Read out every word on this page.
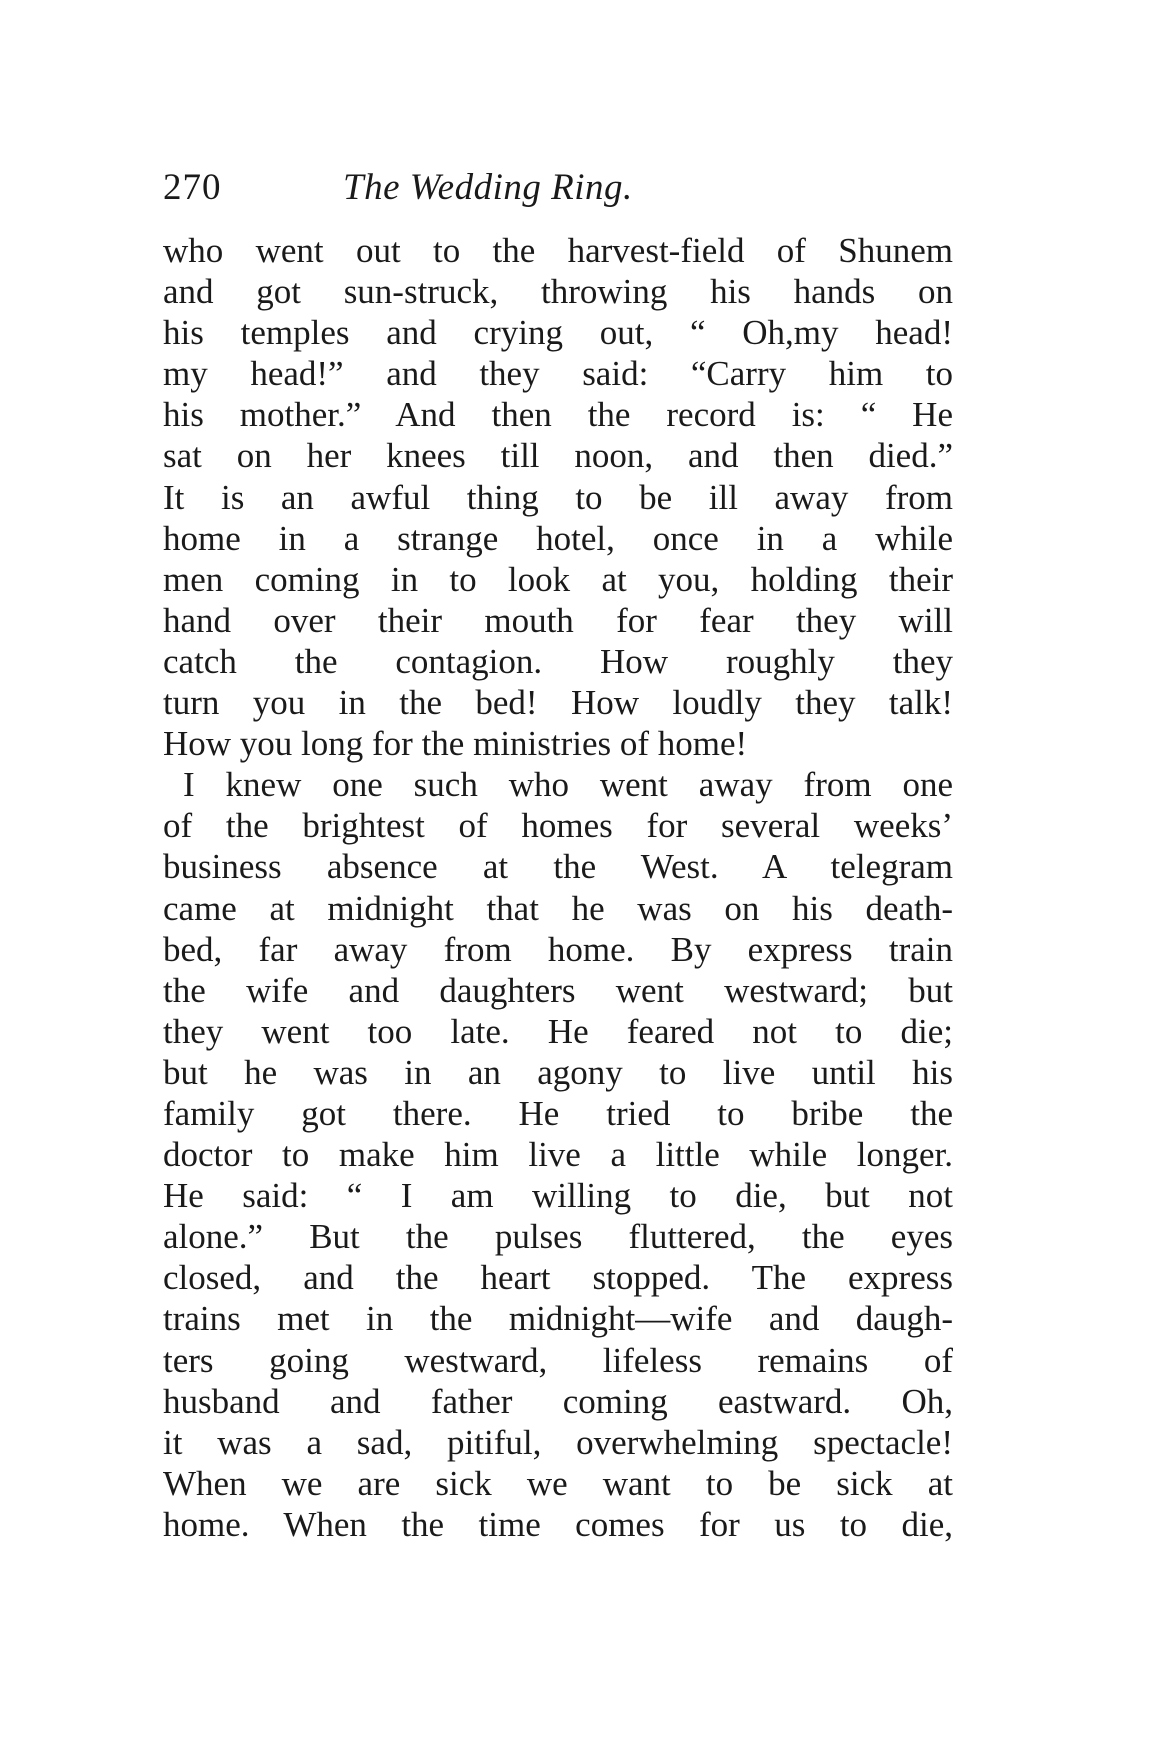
270	The Wedding Ring.
who went out to the harvest-field of Shunem
and got sun-struck, throwing his hands on
his temples and crying out, “ Oh,my head!
my head!” and they said: “Carry him to
his mother.” And then the record is: “ He
sat on her knees till noon, and then died.”
It is an awful thing to be ill away from
home in a strange hotel, once in a while
men coming in to look at you, holding their
hand over their mouth for fear they will
catch the contagion. How roughly they
turn you in the bed! How loudly they talk!
How you long for the ministries of home!
I knew one such who went away from one
of the brightest of homes for several weeks’
business absence at the West. A telegram
came at midnight that he was on his death-
bed, far away from home. By express train
the wife and daughters went westward; but
they went too late. He feared not to die;
but he was in an agony to live until his
family got there. He tried to bribe the
doctor to make him live a little while longer.
He said: “ I am willing to die, but not
alone.” But the pulses fluttered, the eyes
closed, and the heart stopped. The express
trains met in the midnight—wife and daugh-
ters going westward, lifeless remains of
husband and father coming eastward. Oh,
it was a sad, pitiful, overwhelming spectacle!
When we are sick we want to be sick at
home. When the time comes for us to die,
